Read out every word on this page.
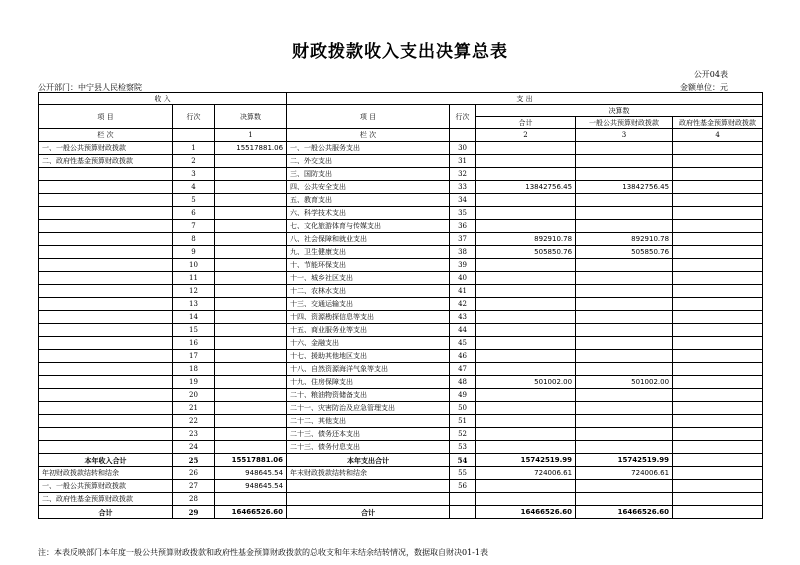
财政拨款收入支出决算总表
公开04表
公开部门：中宁县人民检察院	金额单位：元
收 入			支 出				
项 目	行次	决算数	项 目	行次	决算数		
					合计	一般公共预算财政拨款	政府性基金预算财政拨款
栏 次		1	栏 次		2	3	4
一、一般公共预算财政拨款	1	15517881.06	一、一般公共服务支出	30			
二、政府性基金预算财政拨款	2		二、外交支出	31			
	3		三、国防支出	32			
	4		四、公共安全支出	33	13842756.45	13842756.45	
	5		五、教育支出	34			
	6		六、科学技术支出	35			
	7		七、文化旅游体育与传媒支出	36			
	8		八、社会保障和就业支出	37	892910.78	892910.78	
	9		九、卫生健康支出	38	505850.76	505850.76	
	10		十、节能环保支出	39			
	11		十一、城乡社区支出	40			
	12		十二、农林水支出	41			
	13		十三、交通运输支出	42			
	14		十四、资源勘探信息等支出	43			
	15		十五、商业服务业等支出	44			
	16		十六、金融支出	45			
	17		十七、援助其他地区支出	46			
	18		十八、自然资源海洋气象等支出	47			
	19		十九、住房保障支出	48	501002.00	501002.00	
	20		二十、粮油物资储备支出	49			
	21		二十一、灾害防治及应急管理支出	50			
	22		二十二、其他支出	51			
	23		二十三、债务还本支出	52			
	24		二十三、债务付息支出	53			
本年收入合计	25	15517881.06	本年支出合计	54	15742519.99	15742519.99	
年初财政拨款结转和结余	26	948645.54	年末财政拨款结转和结余	55	724006.61	724006.61	
一、一般公共预算财政拨款	27	948645.54		56			
二、政府性基金预算财政拨款	28						
合计	29	16466526.60	合计		16466526.60	16466526.60	
注：本表反映部门本年度一般公共预算财政拨款和政府性基金预算财政拨款的总收支和年末结余结转情况，数据取自财决01-1表
